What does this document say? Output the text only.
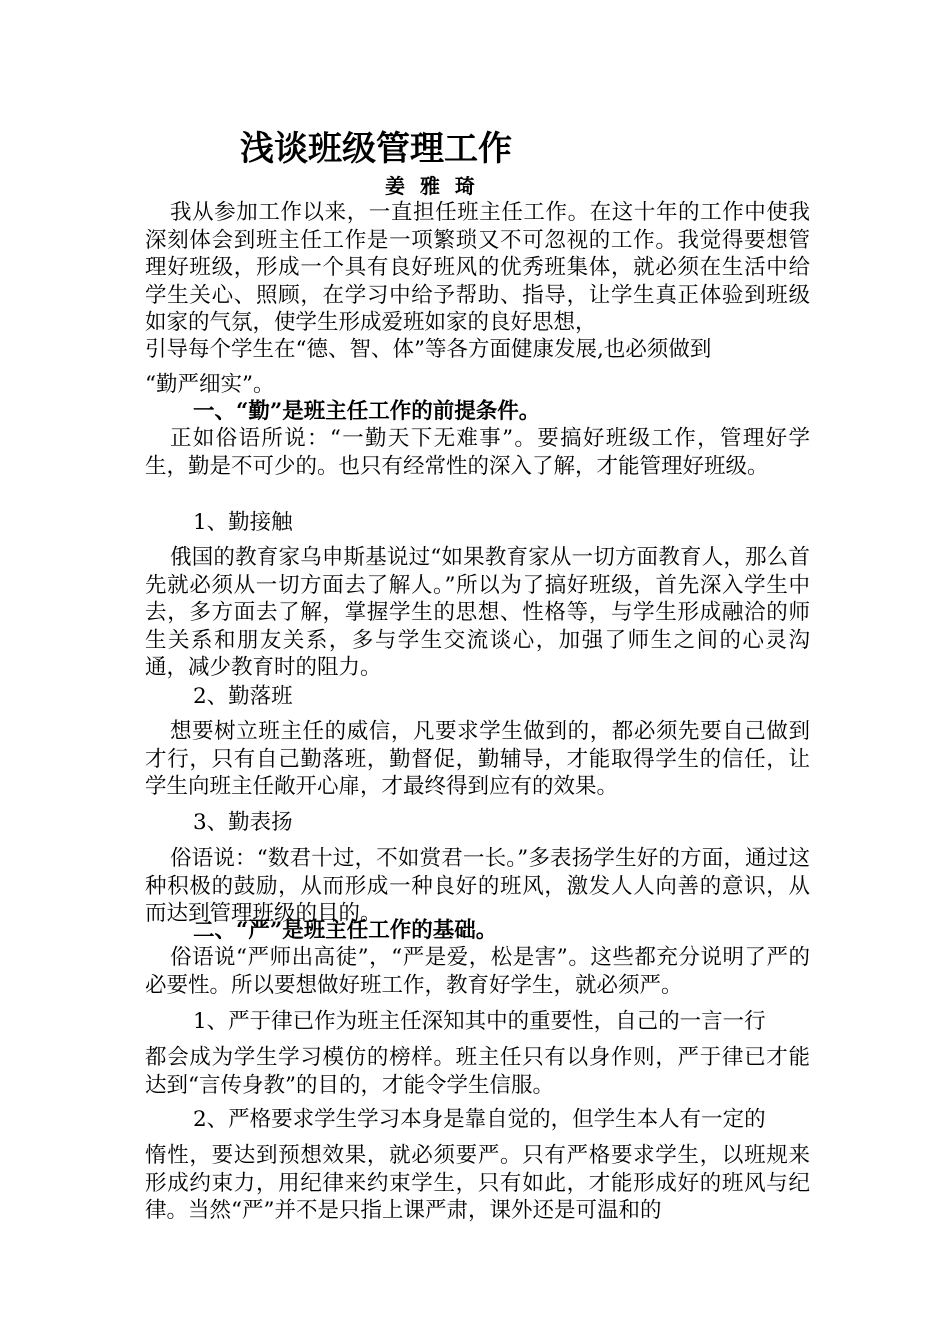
浅谈班级管理工作
姜 雅 琦
我从参加工作以来，一直担任班主任工作。在这十年的工作中使我深刻体会到班主任工作是一项繁琐又不可忽视的工作。我觉得要想管理好班级，形成一个具有良好班风的优秀班集体，就必须在生活中给学生关心、照顾，在学习中给予帮助、指导，让学生真正体验到班级如家的气氛，使学生形成爱班如家的良好思想，
引导每个学生在“德、智、体”等各方面健康发展,也必须做到
“勤严细实”。
一、“勤”是班主任工作的前提条件。
正如俗语所说：“一勤天下无难事”。要搞好班级工作，管理好学生，勤是不可少的。也只有经常性的深入了解，才能管理好班级。
1、勤接触
俄国的教育家乌申斯基说过“如果教育家从一切方面教育人，那么首先就必须从一切方面去了解人。”所以为了搞好班级，首先深入学生中去，多方面去了解，掌握学生的思想、性格等，与学生形成融洽的师生关系和朋友关系，多与学生交流谈心，加强了师生之间的心灵沟通，减少教育时的阻力。
2、勤落班
想要树立班主任的威信，凡要求学生做到的，都必须先要自己做到才行，只有自己勤落班，勤督促，勤辅导，才能取得学生的信任，让学生向班主任敞开心扉，才最终得到应有的效果。
3、勤表扬
俗语说：“数君十过，不如赏君一长。”多表扬学生好的方面，通过这种积极的鼓励，从而形成一种良好的班风，激发人人向善的意识，从而达到管理班级的目的。
二、“严”是班主任工作的基础。
俗语说“严师出高徒”，“严是爱，松是害”。这些都充分说明了严的必要性。所以要想做好班工作，教育好学生，就必须严。
1、严于律已作为班主任深知其中的重要性，自己的一言一行
都会成为学生学习模仿的榜样。班主任只有以身作则，严于律已才能达到“言传身教”的目的，才能令学生信服。
2、严格要求学生学习本身是靠自觉的，但学生本人有一定的
惰性，要达到预想效果，就必须要严。只有严格要求学生，以班规来形成约束力，用纪律来约束学生，只有如此，才能形成好的班风与纪律。当然“严”并不是只指上课严肃，课外还是可温和的
